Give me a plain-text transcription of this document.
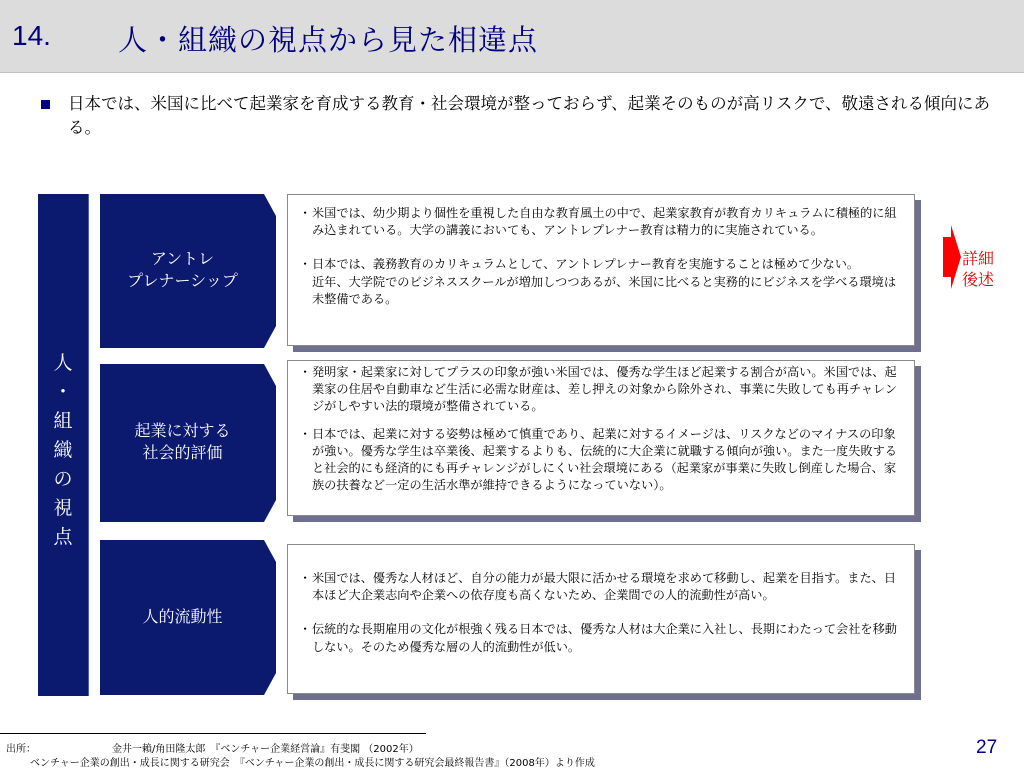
14. 人・組織の視点から見た相違点
日本では、米国に比べて起業家を育成する教育・社会環境が整っておらず、起業そのものが高リスクで、敬遠される傾向にある。
人
・
組
織
の
視
点
アントレ
プレナーシップ
・ 米国では、幼少期より個性を重視した自由な教育風土の中で、起業家教育が教育カリキュラムに積極的に組み込まれている。大学の講義においても、アントレプレナー教育は精力的に実施されている。
・ 日本では、義務教育のカリキュラムとして、アントレプレナー教育を実施することは極めて少ない。
近年、大学院でのビジネススクールが増加しつつあるが、米国に比べると実務的にビジネスを学べる環境は未整備である。
起業に対する
社会的評価
・ 発明家・起業家に対してプラスの印象が強い米国では、優秀な学生ほど起業する割合が高い。米国では、起業家の住居や自動車など生活に必需な財産は、差し押えの対象から除外され、事業に失敗しても再チャレンジがしやすい法的環境が整備されている。
・ 日本では、起業に対する姿勢は極めて慎重であり、起業に対するイメージは、リスクなどのマイナスの印象が強い。優秀な学生は卒業後、起業するよりも、伝統的に大企業に就職する傾向が強い。また一度失敗すると社会的にも経済的にも再チャレンジがしにくい社会環境にある（起業家が事業に失敗し倒産した場合、家族の扶養など一定の生活水準が維持できるようになっていない）。
人的流動性
・ 米国では、優秀な人材ほど、自分の能力が最大限に活かせる環境を求めて移動し、起業を目指す。また、日本ほど大企業志向や企業への依存度も高くないため、企業間での人的流動性が高い。
・ 伝統的な長期雇用の文化が根強く残る日本では、優秀な人材は大企業に入社し、長期にわたって会社を移動しない。そのため優秀な層の人的流動性が低い。
詳細
後述
出所：	金井一賴/角田隆太郎　『ベンチャー企業経営論』有斐閣 （2002年）
ベンチャー企業の創出・成長に関する研究会　『ベンチャー企業の創出・成長に関する研究会最終報告書』（2008年）より作成
27
